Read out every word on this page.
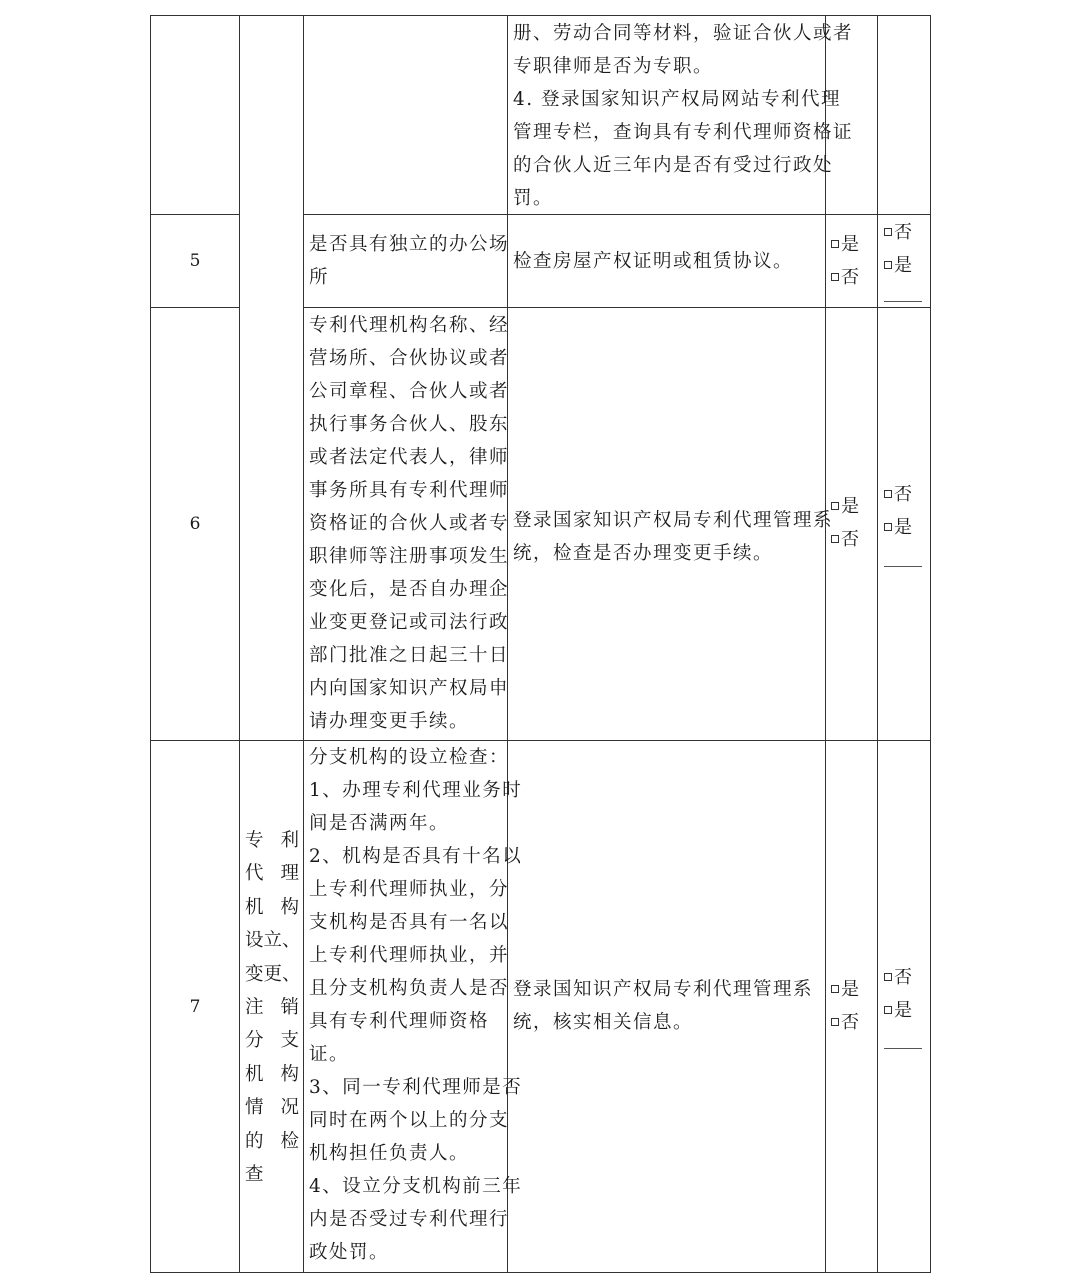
册、劳动合同等材料，验证合伙人或者

专职律师是否为专职。

4. 登录国家知识产权局网站专利代理

管理专栏，查询具有专利代理师资格证

的合伙人近三年内是否有受过行政处

罚。

5

是否具有独立的办公场

所

检查房屋产权证明或租赁协议。

是

否

否

是

6

专利代理机构名称、经

营场所、合伙协议或者

公司章程、合伙人或者

执行事务合伙人、股东

或者法定代表人，律师

事务所具有专利代理师

资格证的合伙人或者专

职律师等注册事项发生

变化后，是否自办理企

业变更登记或司法行政

部门批准之日起三十日

内向国家知识产权局申

请办理变更手续。

登录国家知识产权局专利代理管理系

统，检查是否办理变更手续。

是

否

否

是

7

专 利

代 理

机 构

设立、

变更、

注 销

分 支

机 构

情 况

的 检

查

分支机构的设立检查：

1、办理专利代理业务时

间是否满两年。

2、机构是否具有十名以

上专利代理师执业，分

支机构是否具有一名以

上专利代理师执业，并

且分支机构负责人是否

具有专利代理师资格

证。

3、同一专利代理师是否

同时在两个以上的分支

机构担任负责人。

4、设立分支机构前三年

内是否受过专利代理行

政处罚。

登录国知识产权局专利代理管理系

统，核实相关信息。

是

否

否

是
